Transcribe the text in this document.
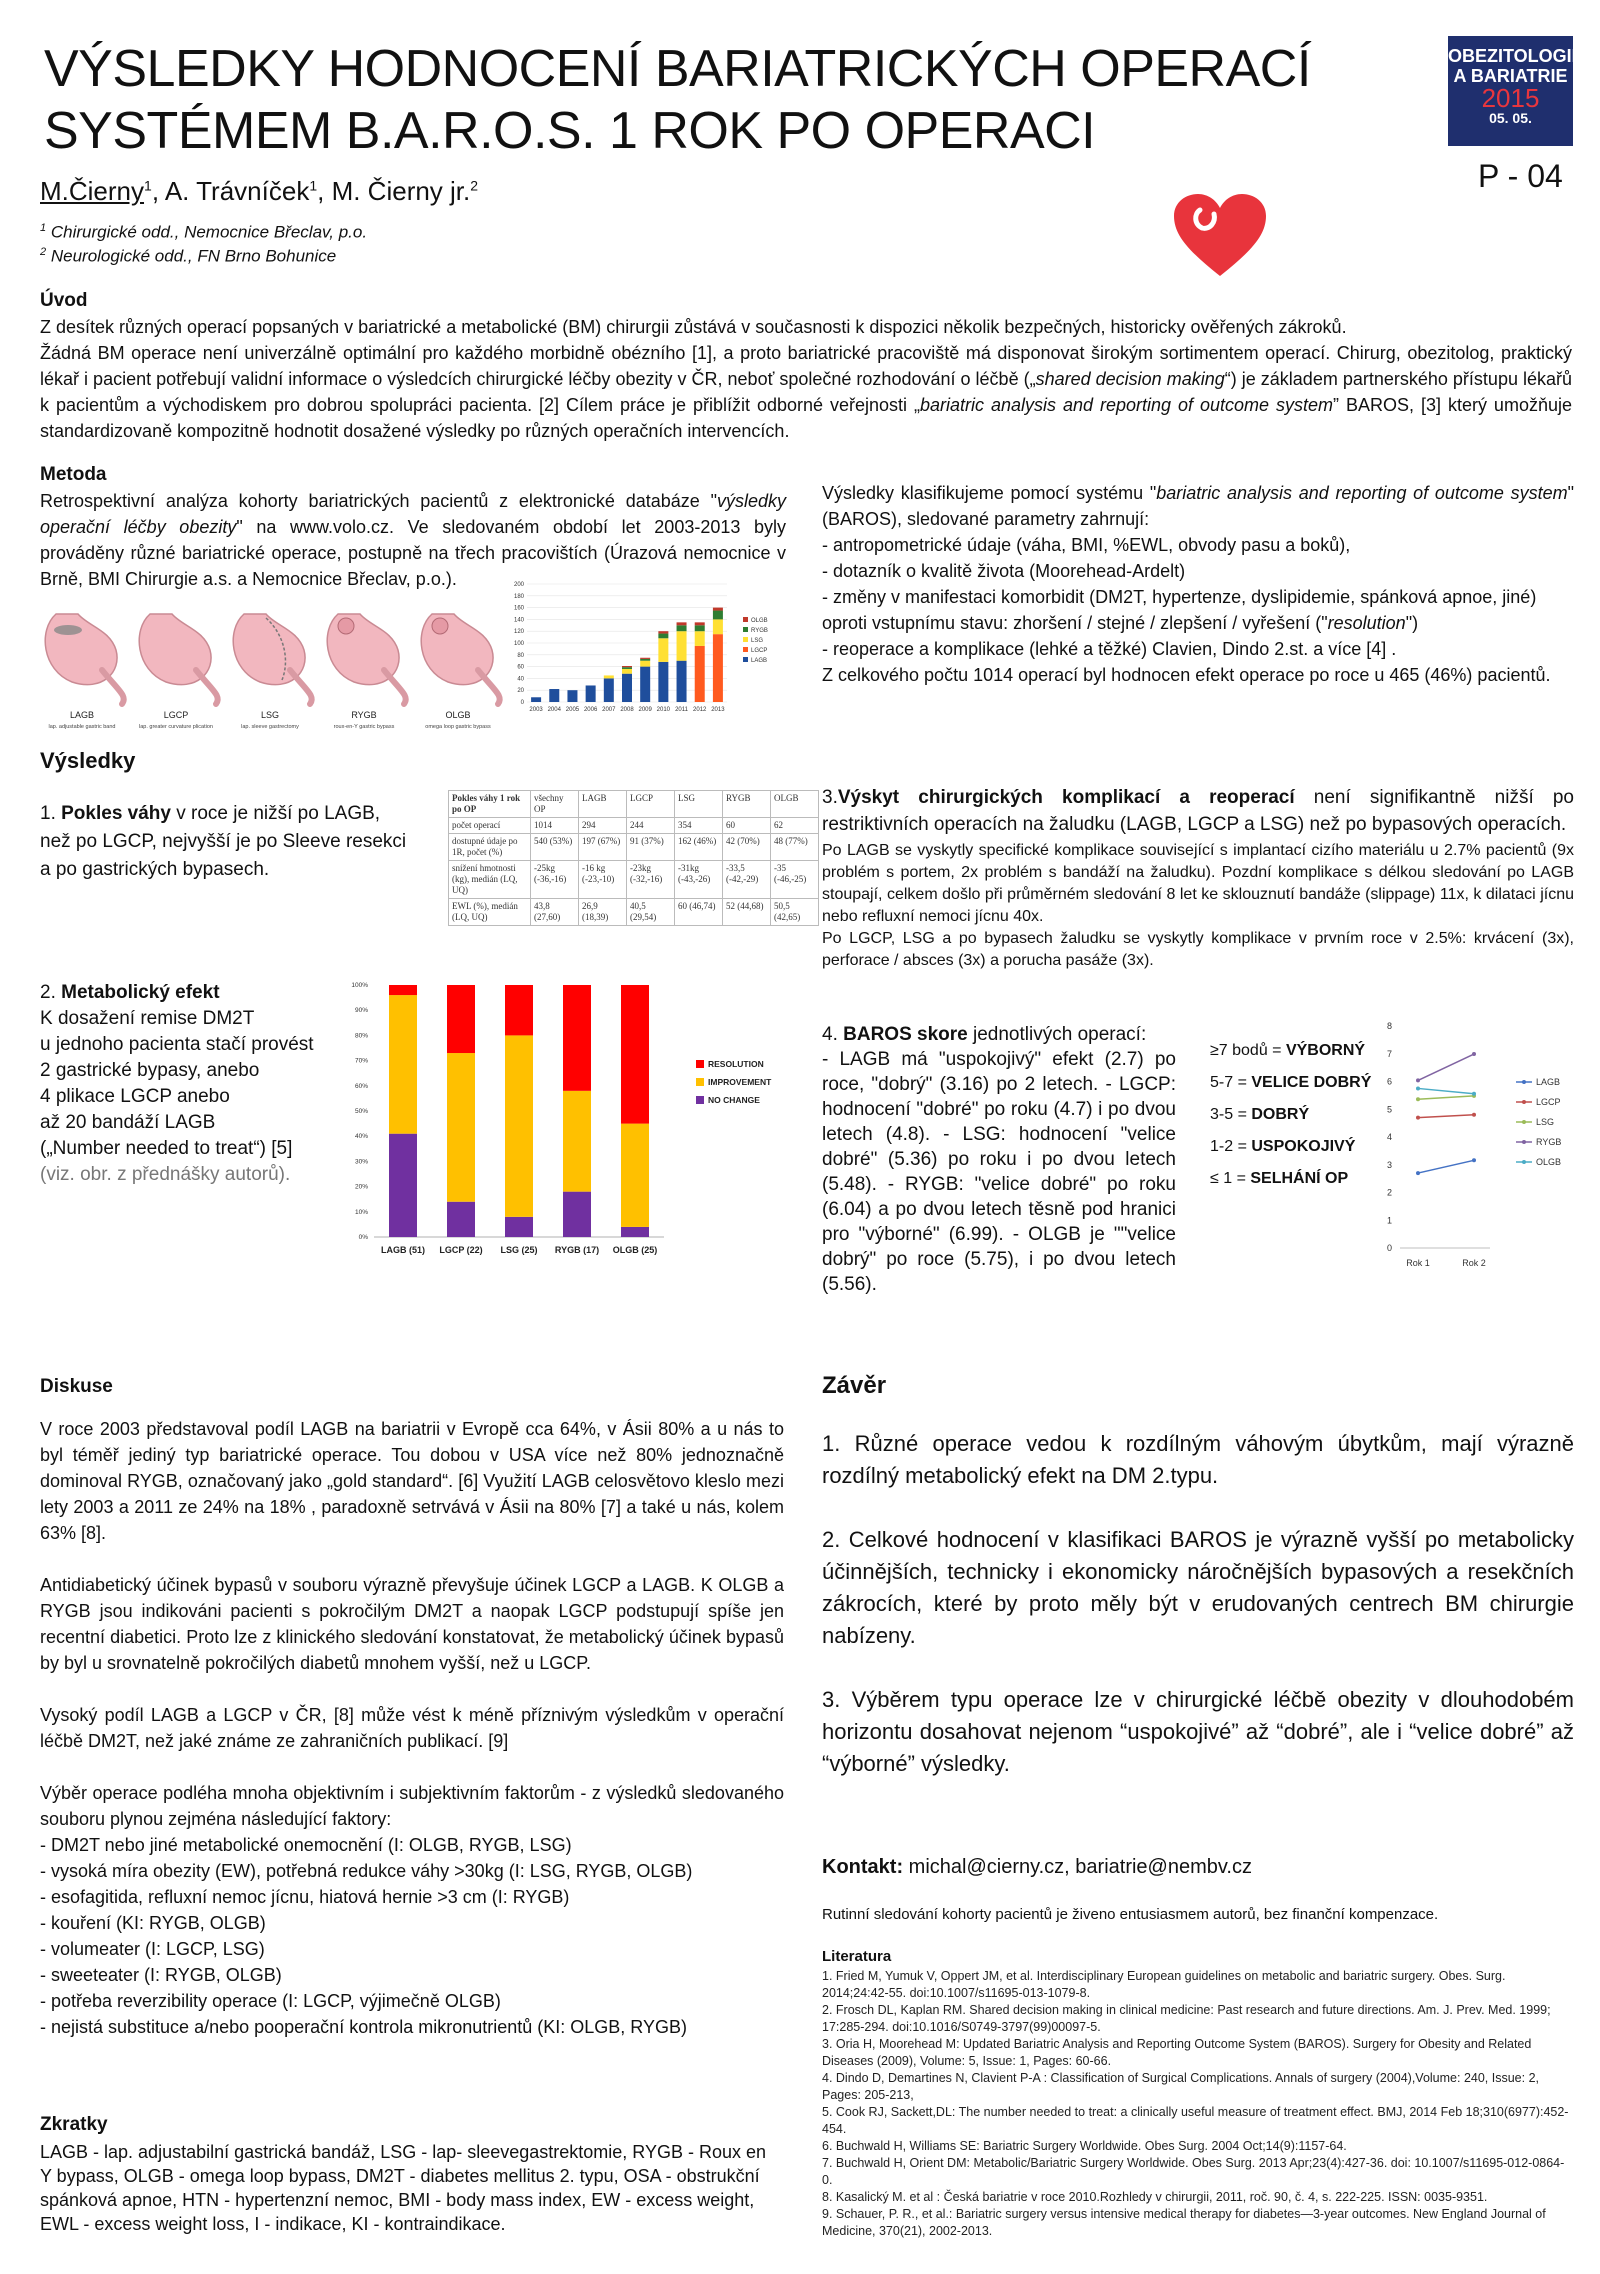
VÝSLEDKY HODNOCENÍ BARIATRICKÝCH OPERACÍ
SYSTÉMEM B.A.R.O.S. 1 ROK PO OPERACI
M.Čierny$^1$, A. Trávníček$^1$, M. Čierny jr.$^2$
$^1$ Chirurgické odd., Nemocnice Břeclav, p.o.
$^2$ Neurologické odd., FN Brno Bohunice
OBEZITOLOGIE
A BARIATRIE
2015
05. 05.
P - 04
Úvod
Z desítek různých operací popsaných v bariatrické a metabolické (BM) chirurgii zůstává v současnosti k dispozici několik bezpečných, historicky ověřených zákroků.
Žádná BM operace není univerzálně optimální pro každého morbidně obézního [1], a proto bariatrické pracoviště má disponovat širokým sortimentem operací. Chirurg, obezitolog, praktický lékař i pacient potřebují validní informace o výsledcích chirurgické léčby obezity v ČR, neboť společné rozhodování o léčbě („shared decision making“) je základem partnerského přístupu lékařů k pacientům a východiskem pro dobrou spolupráci pacienta. [2] Cílem práce je přiblížit odborné veřejnosti „bariatric analysis and reporting of outcome system” BAROS, [3] který umožňuje standardizovaně kompozitně hodnotit dosažené výsledky po různých operačních intervencích.
Metoda
Retrospektivní analýza kohorty bariatrických pacientů z elektronické databáze "výsledky operační léčby obezity" na www.volo.cz. Ve sledovaném období let 2003-2013 byly prováděny různé bariatrické operace, postupně na třech pracovištích (Úrazová nemocnice v Brně, BMI Chirurgie a.s. a Nemocnice Břeclav, p.o.).
LAGB
lap. adjustable gastric band
LGCP
lap. greater curvature plication
LSG
lap. sleeve gastrectomy
RYGB
roux-en-Y gastric bypass
OLGB
omega loop gastric bypass
0
20
40
60
80
100
120
140
160
180
200
2003 2004 2005 2006 2007 2008 2009 2010 2011 2012 2013
OLGB
RYGB
LSG
LGCP
LAGB
Výsledky klasifikujeme pomocí systému "bariatric analysis and reporting of outcome system" (BAROS), sledované parametry zahrnují:
- antropometrické údaje (váha, BMI, %EWL, obvody pasu a boků),
- dotazník o kvalitě života (Moorehead-Ardelt)
- změny v manifestaci komorbidit (DM2T, hypertenze, dyslipidemie, spánková apnoe, jiné)
oproti vstupnímu stavu: zhoršení / stejné / zlepšení / vyřešení ("resolution")
- reoperace a komplikace (lehké a těžké) Clavien, Dindo 2.st. a více [4] .
Z celkového počtu 1014 operací byl hodnocen efekt operace po roce u 465 (46%) pacientů.
Výsledky
1. Pokles váhy v roce je nižší po LAGB,
než po LGCP, nejvyšší je po Sleeve resekci
a po gastrických bypasech.
Pokles váhy 1 rok po OP	všechny OP	LAGB	LGCP	LSG	RYGB	OLGB
počet operací	1014	294	244	354	60	62
dostupné údaje po 1R, počet (%)	540 (53%)	197 (67%)	91 (37%)	162 (46%)	42 (70%)	48 (77%)
snížení hmotnosti (kg), medián (LQ, UQ)	-25kg (-36,-16)	-16 kg (-23,-10)	-23kg (-32,-16)	-31kg (-43,-26)	-33,5 (-42,-29)	-35 (-46,-25)
EWL (%), medián (LQ, UQ)	43,8 (27,60)	26,9 (18,39)	40,5 (29,54)	60 (46,74)	52 (44,68)	50,5 (42,65)
2. Metabolický efekt
K dosažení remise DM2T
u jednoho pacienta stačí provést
2 gastrické bypasy, anebo
4 plikace LGCP anebo
až 20 bandáží LAGB
(„Number needed to treat“) [5]
(viz. obr. z přednášky autorů).
0%
10%
20%
30%
40%
50%
60%
70%
80%
90%
100%
LAGB (51) LGCP (22) LSG (25) RYGB (17) OLGB (25)
RESOLUTION
IMPROVEMENT
NO CHANGE
3.Výskyt chirurgických komplikací a reoperací není signifikantně nižší po restriktivních operacích na žaludku (LAGB, LGCP a LSG) než po bypasových operacích.
Po LAGB se vyskytly specifické komplikace související s implantací cizího materiálu u 2.7% pacientů (9x problém s portem, 2x problém s bandáží na žaludku). Pozdní komplikace s délkou sledování po LAGB stoupají, celkem došlo při průměrném sledování 8 let ke sklouznutí bandáže (slippage) 11x, k dilataci jícnu nebo refluxní nemoci jícnu 40x.
Po LGCP, LSG a po bypasech žaludku se vyskytly komplikace v prvním roce v 2.5%: krvácení (3x), perforace / absces (3x) a porucha pasáže (3x).
4. BAROS skore jednotlivých operací:
- LAGB má "uspokojivý" efekt (2.7) po roce, "dobrý" (3.16) po 2 letech. - LGCP: hodnocení "dobré" po roku (4.7) i po dvou letech (4.8). - LSG: hodnocení "velice dobré" (5.36) po roku i po dvou letech (5.48). - RYGB: "velice dobré" po roku (6.04) a po dvou letech těsně pod hranici pro "výborné" (6.99). - OLGB je ""velice dobrý" po roce (5.75), i po dvou letech (5.56).
≥7 bodů = VÝBORNÝ
5-7 = VELICE DOBRÝ
3-5 = DOBRÝ
1-2 = USPOKOJIVÝ
≤ 1 = SELHÁNÍ OP
0
1
2
3
4
5
6
7
8
Rok 1	Rok 2
LAGB
LGCP
LSG
RYGB
OLGB
Diskuse
V roce 2003 představoval podíl LAGB na bariatrii v Evropě cca 64%, v Ásii 80% a u nás to byl téměř jediný typ bariatrické operace. Tou dobou v USA více než 80% jednoznačně dominoval RYGB, označovaný jako „gold standard“. [6] Využití LAGB celosvětovo kleslo mezi lety 2003 a 2011 ze 24% na 18% , paradoxně setrvává v Ásii na 80% [7] a také u nás, kolem 63% [8].
Antidiabetický účinek bypasů v souboru výrazně převyšuje účinek LGCP a LAGB. K OLGB a RYGB jsou indikováni pacienti s pokročilým DM2T a naopak LGCP podstupují spíše jen recentní diabetici. Proto lze z klinického sledování konstatovat, že metabolický účinek bypasů by byl u srovnatelně pokročilých diabetů mnohem vyšší, než u LGCP.
Vysoký podíl LAGB a LGCP v ČR, [8] může vést k méně příznivým výsledkům v operační léčbě DM2T, než jaké známe ze zahraničních publikací. [9]
Výběr operace podléha mnoha objektivním i subjektivním faktorům - z výsledků sledovaného souboru plynou zejména následující faktory:
- DM2T nebo jiné metabolické onemocnění (I: OLGB, RYGB, LSG)
- vysoká míra obezity (EW), potřebná redukce váhy >30kg (I: LSG, RYGB, OLGB)
- esofagitida, refluxní nemoc jícnu, hiatová hernie >3 cm (I: RYGB)
- kouření (KI: RYGB, OLGB)
- volumeater (I: LGCP, LSG)
- sweeteater (I: RYGB, OLGB)
- potřeba reverzibility operace (I: LGCP, výjimečně OLGB)
- nejistá substituce a/nebo pooperační kontrola mikronutrientů (KI: OLGB, RYGB)
Zkratky
LAGB - lap. adjustabilní gastrická bandáž, LSG - lap- sleevegastrektomie, RYGB - Roux en Y bypass, OLGB - omega loop bypass, DM2T - diabetes mellitus 2. typu, OSA - obstrukční spánková apnoe, HTN - hypertenzní nemoc, BMI - body mass index, EW - excess weight, EWL - excess weight loss, I - indikace, KI - kontraindikace.
Závěr
1. Různé operace vedou k rozdílným váhovým úbytkům, mají výrazně rozdílný metabolický efekt na DM 2.typu.
2. Celkové hodnocení v klasifikaci BAROS je výrazně vyšší po metabolicky účinnějších, technicky i ekonomicky náročnějších bypasových a resekčních zákrocích, které by proto měly být v erudovaných centrech BM chirurgie nabízeny.
3. Výběrem typu operace lze v chirurgické léčbě obezity v dlouhodobém horizontu dosahovat nejenom “uspokojivé” až “dobré”, ale i “velice dobré” až “výborné” výsledky.
Kontakt: michal@cierny.cz, bariatrie@nembv.cz
Rutinní sledování kohorty pacientů je živeno entusiasmem autorů, bez finanční kompenzace.
Literatura
1. Fried M, Yumuk V, Oppert JM, et al. Interdisciplinary European guidelines on metabolic and bariatric surgery. Obes. Surg. 2014;24:42-55. doi:10.1007/s11695-013-1079-8.
2. Frosch DL, Kaplan RM. Shared decision making in clinical medicine: Past research and future directions. Am. J. Prev. Med. 1999; 17:285-294. doi:10.1016/S0749-3797(99)00097-5.
3. Oria H, Moorehead M: Updated Bariatric Analysis and Reporting Outcome System (BAROS). Surgery for Obesity and Related Diseases (2009), Volume: 5, Issue: 1, Pages: 60-66.
4. Dindo D, Demartines N, Clavient P-A : Classification of Surgical Complications. Annals of surgery (2004),Volume: 240, Issue: 2, Pages: 205-213,
5. Cook RJ, Sackett,DL: The number needed to treat: a clinically useful measure of treatment effect. BMJ, 2014 Feb 18;310(6977):452-454.
6. Buchwald H, Williams SE: Bariatric Surgery Worldwide. Obes Surg. 2004 Oct;14(9):1157-64.
7. Buchwald H, Orient DM: Metabolic/Bariatric Surgery Worldwide. Obes Surg. 2013 Apr;23(4):427-36. doi: 10.1007/s11695-012-0864-0.
8. Kasalický M. et al : Česká bariatrie v roce 2010.Rozhledy v chirurgii, 2011, roč. 90, č. 4, s. 222-225. ISSN: 0035-9351.
9. Schauer, P. R., et al.: Bariatric surgery versus intensive medical therapy for diabetes—3-year outcomes. New England Journal of Medicine, 370(21), 2002-2013.
